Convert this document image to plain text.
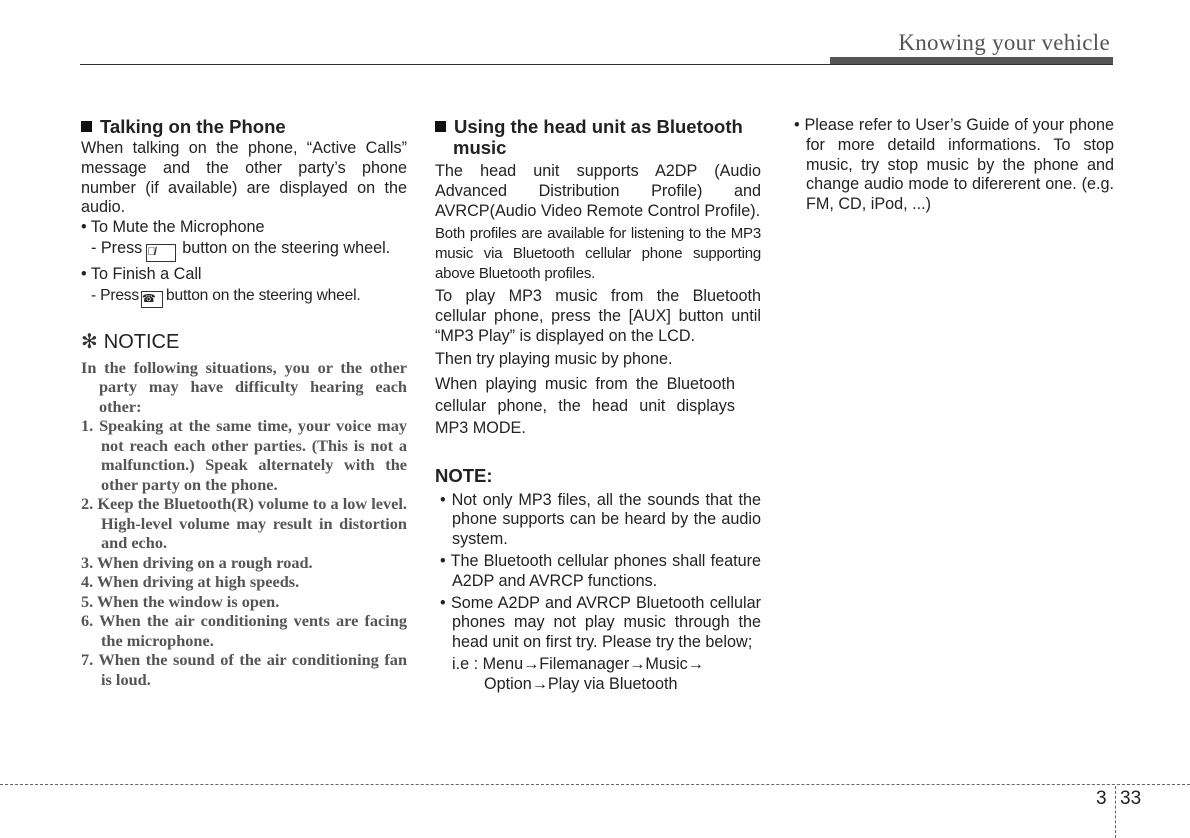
Knowing your vehicle
Talking on the Phone

When talking on the phone, “Active Calls” message and the other party’s phone number (if available) are displayed on the audio.

• To Mute the Microphone

- Press 🎙̸ button on the steering wheel.

• To Finish a Call

- Press ☎ button on the steering wheel.

✻ NOTICE

In the following situations, you or the other party may have difficulty hearing each other:

1. Speaking at the same time, your voice may not reach each other parties. (This is not a malfunction.) Speak alternately with the other party on the phone.

2. Keep the Bluetooth(R) volume to a low level. High-level volume may result in distortion and echo.

3. When driving on a rough road.

4. When driving at high speeds.

5. When the window is open.

6. When the air conditioning vents are facing the microphone.

7. When the sound of the air conditioning fan is loud.

Using the head unit as Bluetooth music

The head unit supports A2DP (Audio Advanced Distribution Profile) and AVRCP(Audio Video Remote Control Profile).

Both profiles are available for listening to the MP3 music via Bluetooth cellular phone supporting above Bluetooth profiles.

To play MP3 music from the Bluetooth cellular phone, press the [AUX] button until “MP3 Play” is displayed on the LCD.

Then try playing music by phone.

When playing music from the Bluetooth cellular phone, the head unit displays MP3 MODE.

NOTE:

• Not only MP3 files, all the sounds that the phone supports can be heard by the audio system.

• The Bluetooth cellular phones shall feature A2DP and AVRCP functions.

• Some A2DP and AVRCP Bluetooth cellular phones may not play music through the head unit on first try. Please try the below;

i.e : Menu→Filemanager→Music→

Option→Play via Bluetooth

• Please refer to User’s Guide of your phone for more detaild informations. To stop music, try stop music by the phone and change audio mode to difererent one. (e.g. FM, CD, iPod, ...)

3 33
